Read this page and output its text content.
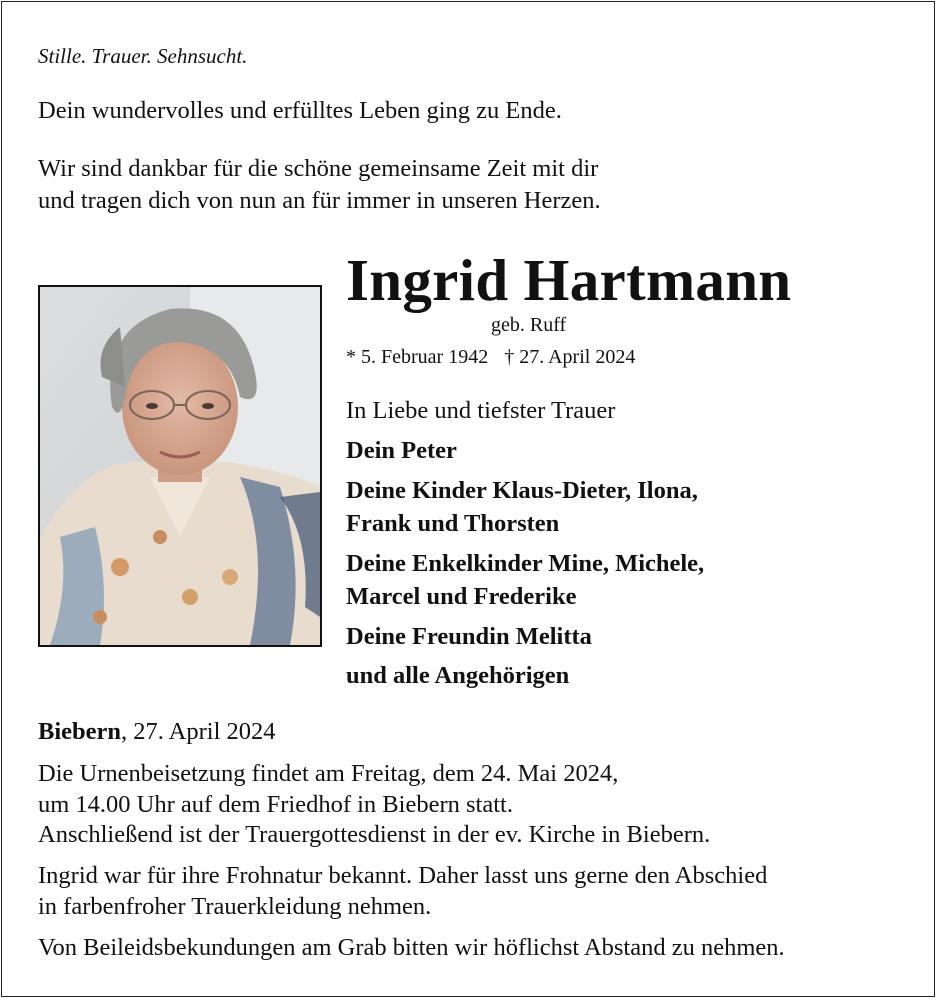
Stille. Trauer. Sehnsucht.
Dein wundervolles und erfülltes Leben ging zu Ende.
Wir sind dankbar für die schöne gemeinsame Zeit mit dir
und tragen dich von nun an für immer in unseren Herzen.
Ingrid Hartmann
geb. Ruff
* 5. Februar 1942 † 27. April 2024
In Liebe und tiefster Trauer
Dein Peter
Deine Kinder Klaus-Dieter, Ilona,
Frank und Thorsten
Deine Enkelkinder Mine, Michele,
Marcel und Frederike
Deine Freundin Melitta
und alle Angehörigen
Biebern, 27. April 2024
Die Urnenbeisetzung findet am Freitag, dem 24. Mai 2024,
um 14.00 Uhr auf dem Friedhof in Biebern statt.
Anschließend ist der Trauergottesdienst in der ev. Kirche in Biebern.
Ingrid war für ihre Frohnatur bekannt. Daher lasst uns gerne den Abschied
in farbenfroher Trauerkleidung nehmen.
Von Beileidsbekundungen am Grab bitten wir höflichst Abstand zu nehmen.
